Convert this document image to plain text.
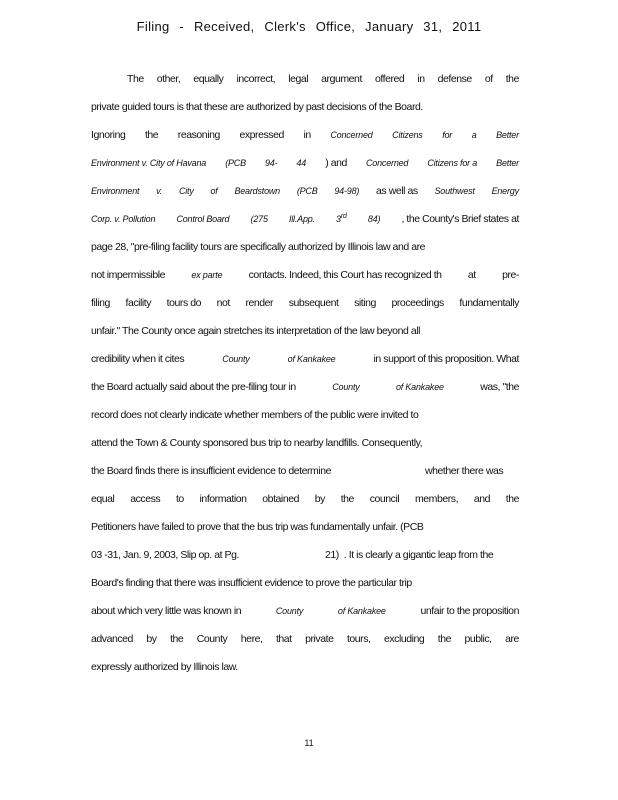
Filing - Received, Clerk's Office, January 31, 2011
The other, equally incorrect, legal argument offered in defense of the
private guided tours is that these are authorized by past decisions of the Board.
Ignoring the reasoning expressed in Concerned Citizens for a Better
Environment v. City of Havana (PCB 94- 44 ) and Concerned Citizens for a Better
Environment v. City of Beardstown (PCB 94-98) as well as Southwest Energy
Corp. v. Pollution Control Board (275 Ill.App. 3rd 84) , the County's Brief states at
page 28, "pre-filing facility tours are specifically authorized by Illinois law and are
not impermissible	ex parte	contacts. Indeed, this Court has recognized th	at	pre-
filing facility tours do not render subsequent siting proceedings fundamentally
unfair." The County once again stretches its interpretation of the law beyond all
credibility when it cites	County	of Kankakee	in support of this proposition. What
the Board actually said about the pre-filing tour in	County	of Kankakee	was, "the
record does not clearly indicate whether members of the public were invited to
attend the Town & County sponsored bus trip to nearby landfills. Consequently,
the Board finds there is insufficient evidence to determine	whether there was
equal access to information obtained by the council members, and the
Petitioners have failed to prove that the bus trip was fundamentally unfair. (PCB
03 -31, Jan. 9, 2003, Slip op. at Pg.	21) . It is clearly a gigantic leap from the
Board's finding that there was insufficient evidence to prove the particular trip
about which very little was known in	County	of Kankakee	unfair to the proposition
advanced by the County here, that private tours, excluding the public, are
expressly authorized by Illinois law.
11
